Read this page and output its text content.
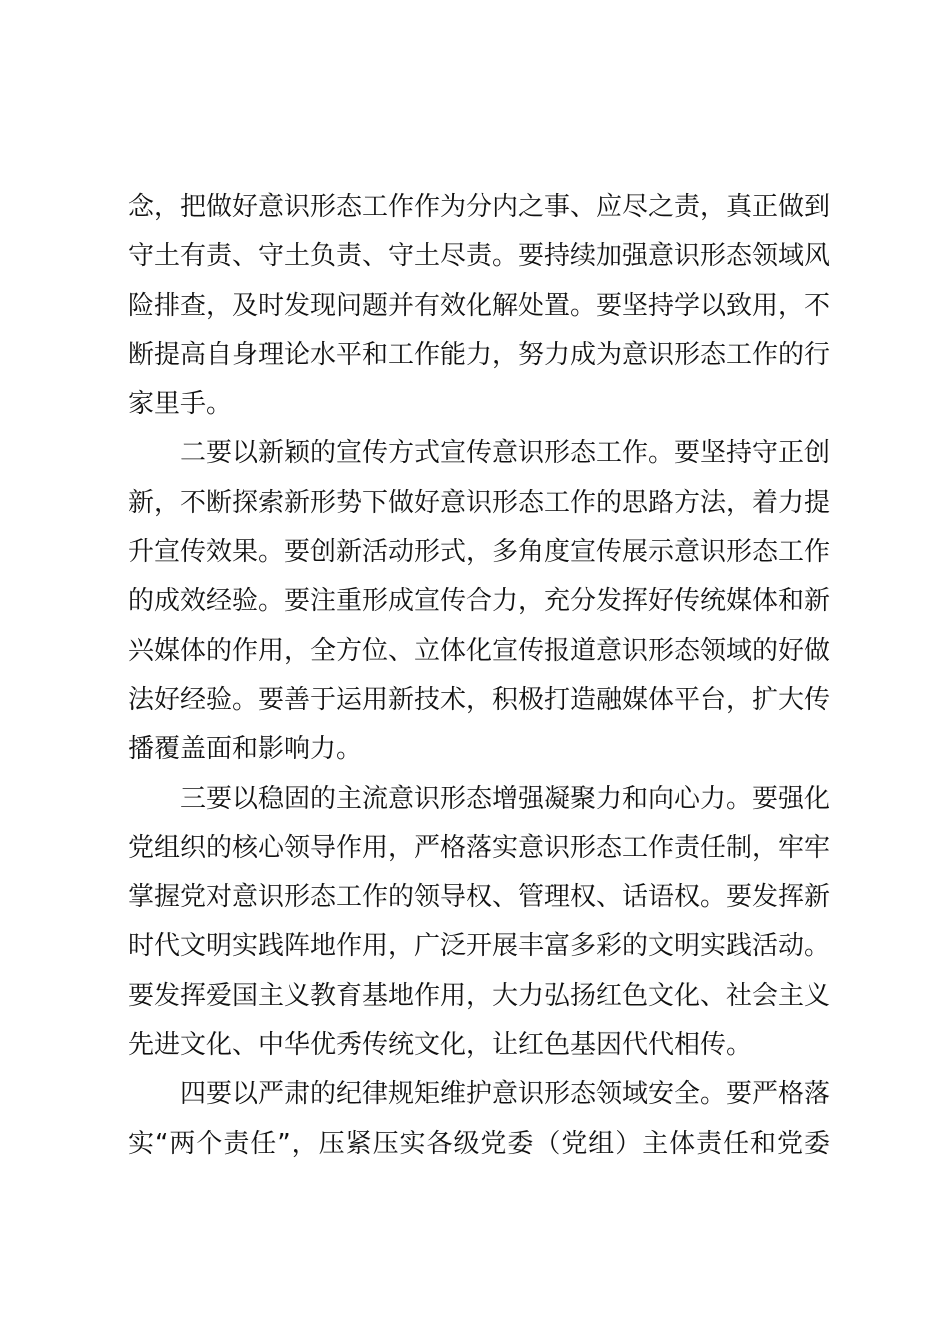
念，把做好意识形态工作作为分内之事、应尽之责，真正做到
守土有责、守土负责、守土尽责。要持续加强意识形态领域风
险排查，及时发现问题并有效化解处置。要坚持学以致用，不
断提高自身理论水平和工作能力，努力成为意识形态工作的行
家里手。
二要以新颖的宣传方式宣传意识形态工作。要坚持守正创
新，不断探索新形势下做好意识形态工作的思路方法，着力提
升宣传效果。要创新活动形式，多角度宣传展示意识形态工作
的成效经验。要注重形成宣传合力，充分发挥好传统媒体和新
兴媒体的作用，全方位、立体化宣传报道意识形态领域的好做
法好经验。要善于运用新技术，积极打造融媒体平台，扩大传
播覆盖面和影响力。
三要以稳固的主流意识形态增强凝聚力和向心力。要强化
党组织的核心领导作用，严格落实意识形态工作责任制，牢牢
掌握党对意识形态工作的领导权、管理权、话语权。要发挥新
时代文明实践阵地作用，广泛开展丰富多彩的文明实践活动。
要发挥爱国主义教育基地作用，大力弘扬红色文化、社会主义
先进文化、中华优秀传统文化，让红色基因代代相传。
四要以严肃的纪律规矩维护意识形态领域安全。要严格落
实“两个责任”，压紧压实各级党委（党组）主体责任和党委
